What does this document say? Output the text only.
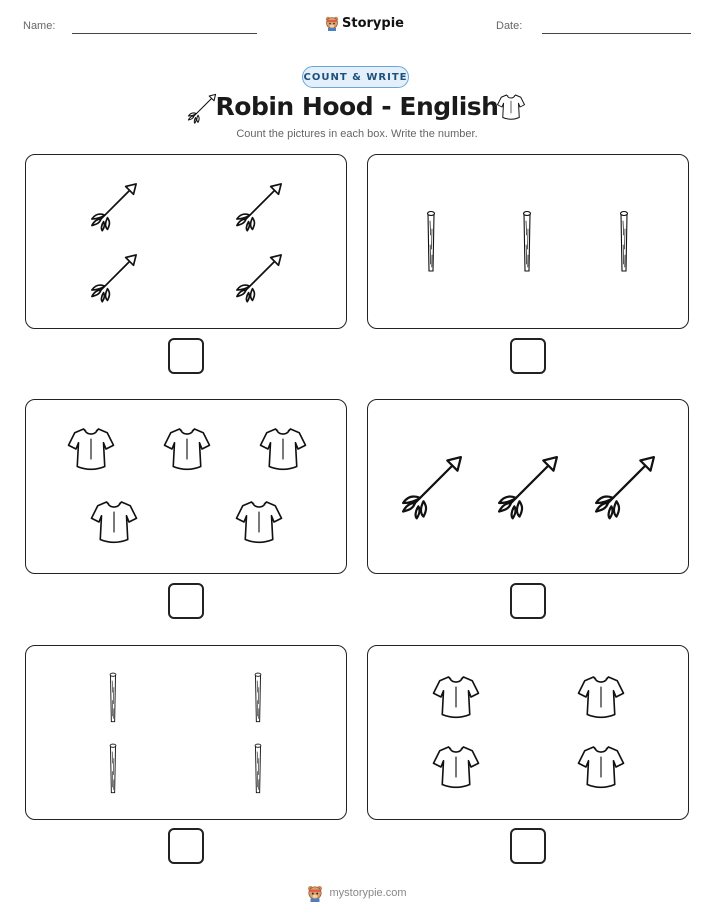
Name:	Storypie	Date:
COUNT & WRITE
Robin Hood - English
Count the pictures in each box. Write the number.
mystorypie.com
